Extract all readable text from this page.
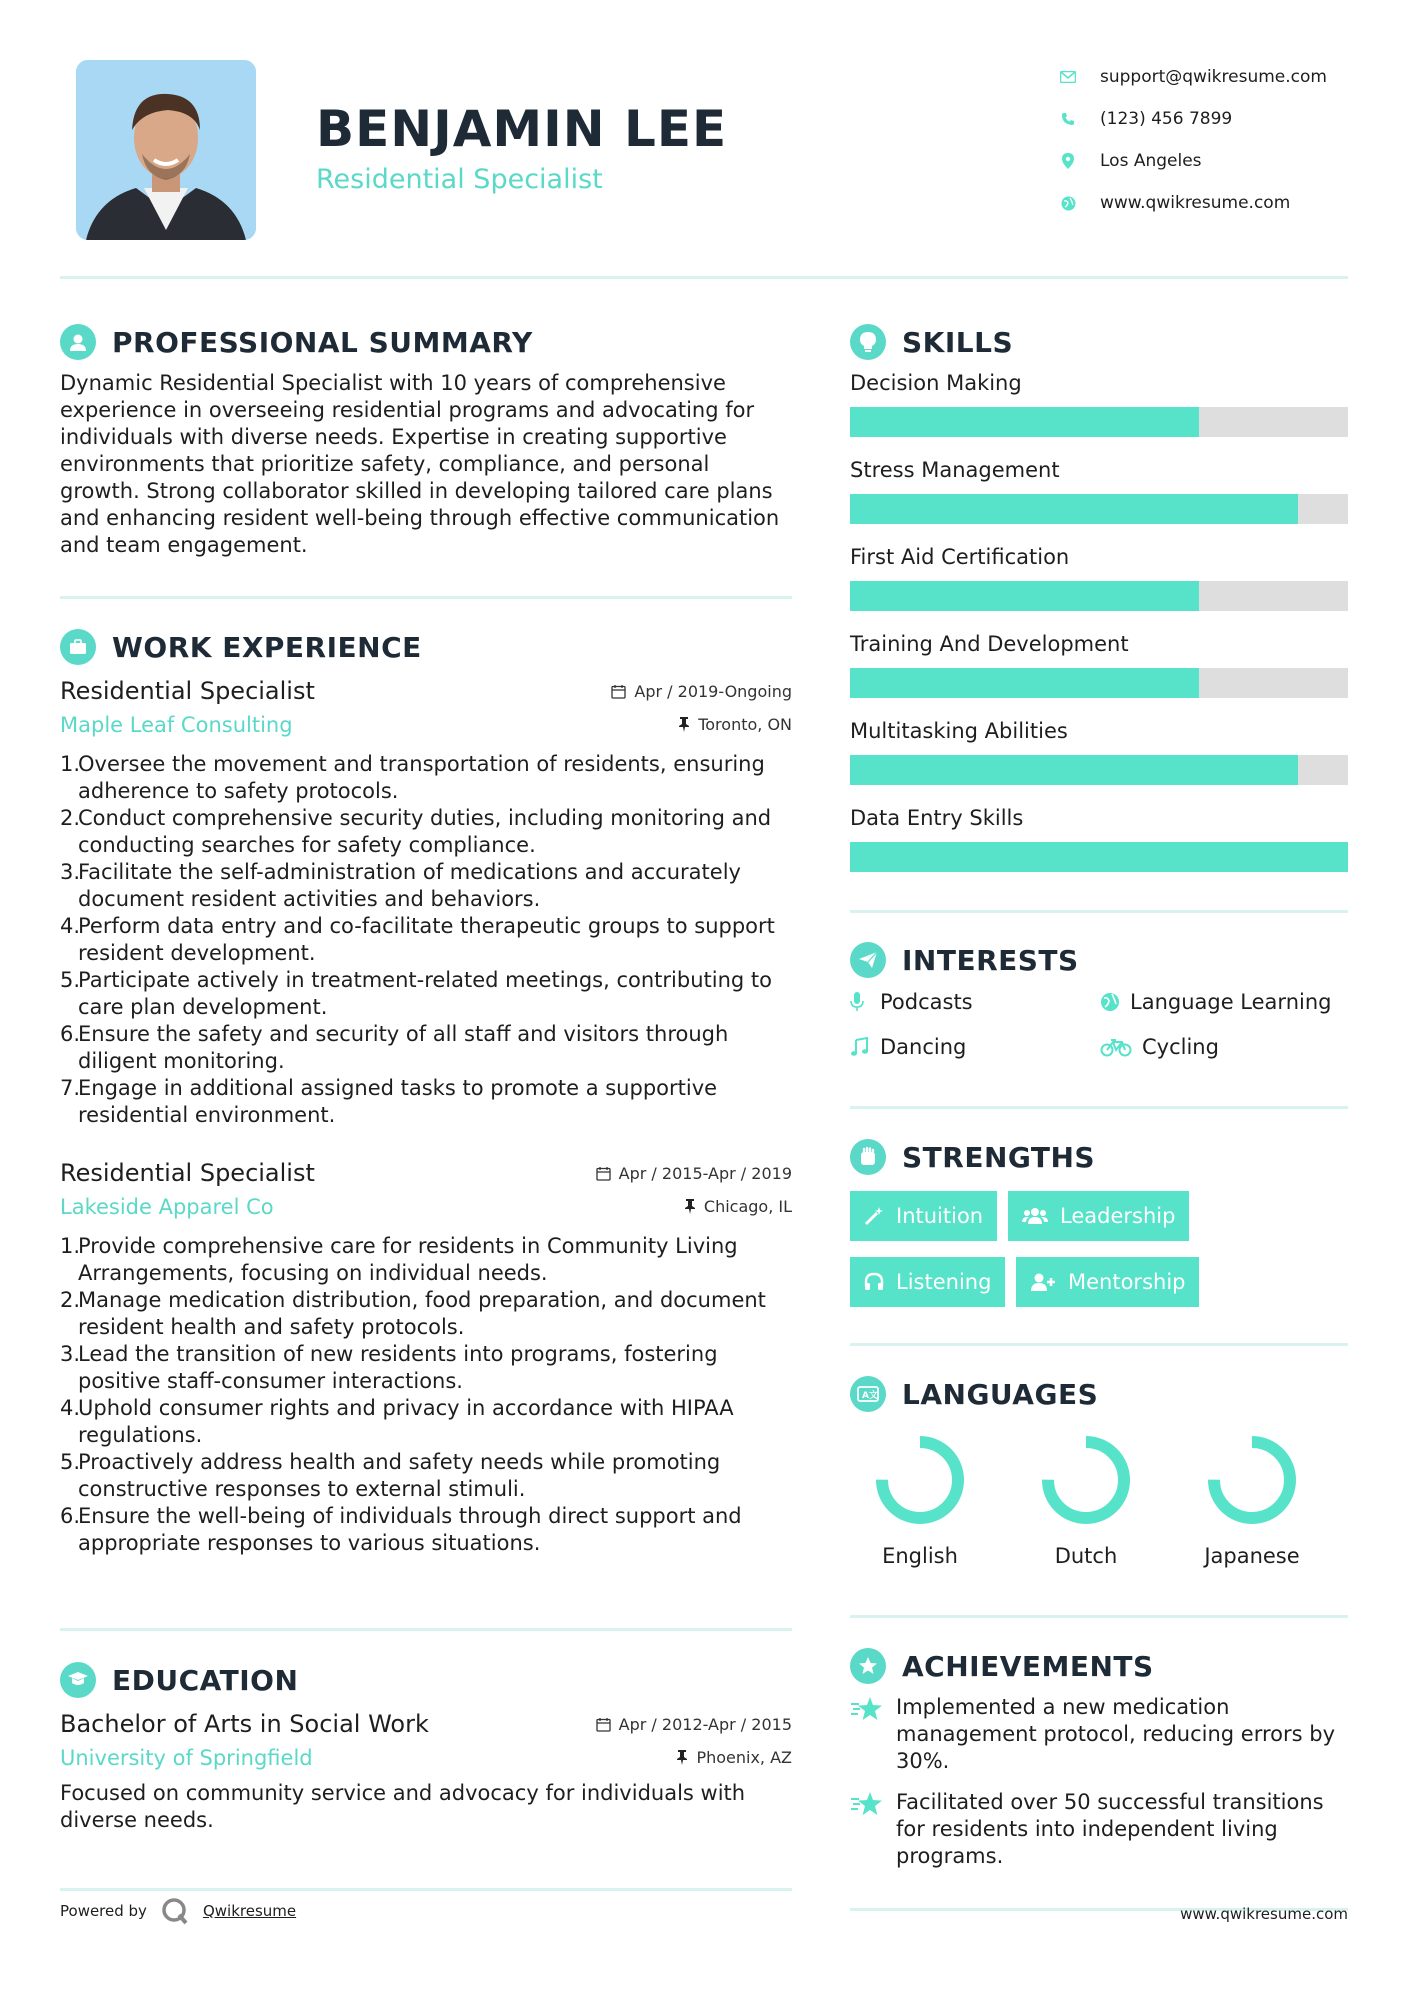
BENJAMIN LEE
Residential Specialist
support@qwikresume.com
(123) 456 7899
Los Angeles
www.qwikresume.com
PROFESSIONAL SUMMARY
Dynamic Residential Specialist with 10 years of comprehensive experience in overseeing residential programs and advocating for individuals with diverse needs. Expertise in creating supportive environments that prioritize safety, compliance, and personal growth. Strong collaborator skilled in developing tailored care plans and enhancing resident well-being through effective communication and team engagement.
WORK EXPERIENCE
Residential Specialist	Apr / 2019-Ongoing
Maple Leaf Consulting	Toronto, ON
1.
Oversee the movement and transportation of residents, ensuring adherence to safety protocols.
2.
Conduct comprehensive security duties, including monitoring and conducting searches for safety compliance.
3.
Facilitate the self-administration of medications and accurately document resident activities and behaviors.
4.
Perform data entry and co-facilitate therapeutic groups to support resident development.
5.
Participate actively in treatment-related meetings, contributing to care plan development.
6.
Ensure the safety and security of all staff and visitors through diligent monitoring.
7.
Engage in additional assigned tasks to promote a supportive residential environment.
Residential Specialist	Apr / 2015-Apr / 2019
Lakeside Apparel Co	Chicago, IL
1.
Provide comprehensive care for residents in Community Living Arrangements, focusing on individual needs.
2.
Manage medication distribution, food preparation, and document resident health and safety protocols.
3.
Lead the transition of new residents into programs, fostering positive staff-consumer interactions.
4.
Uphold consumer rights and privacy in accordance with HIPAA regulations.
5.
Proactively address health and safety needs while promoting constructive responses to external stimuli.
6.
Ensure the well-being of individuals through direct support and appropriate responses to various situations.
EDUCATION
Bachelor of Arts in Social Work	Apr / 2012-Apr / 2015
University of Springfield	Phoenix, AZ
Focused on community service and advocacy for individuals with diverse needs.
Powered by	Qwikresume
SKILLS
Decision Making
Stress Management
First Aid Certification
Training And Development
Multitasking Abilities
Data Entry Skills
INTERESTS
Podcasts	Language Learning
Dancing	Cycling
STRENGTHS
Intuition	Leadership
Listening	Mentorship
A 文 LANGUAGES
English	Dutch	Japanese
ACHIEVEMENTS
Implemented a new medication management protocol, reducing errors by 30%.
Facilitated over 50 successful transitions for residents into independent living programs.
www.qwikresume.com
